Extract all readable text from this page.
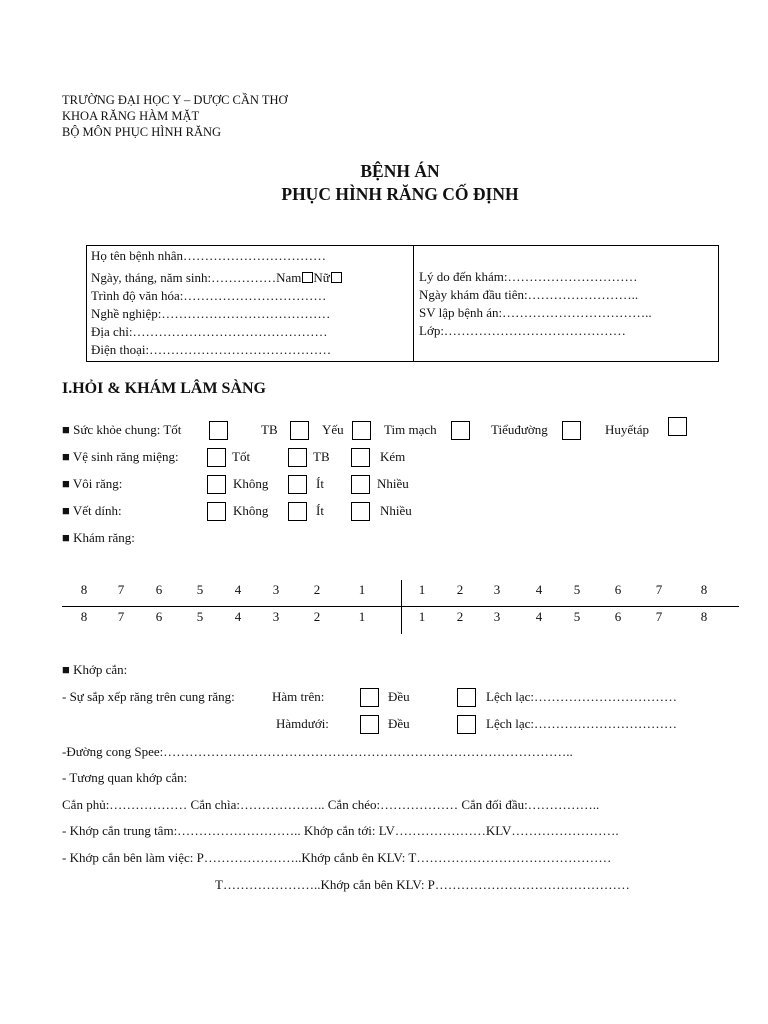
TRƯỜNG ĐẠI HỌC Y – DƯỢC CẦN THƠ
KHOA RĂNG HÀM MẶT
BỘ MÔN PHỤC HÌNH RĂNG
BỆNH ÁN
PHỤC HÌNH RĂNG CỐ ĐỊNH
Họ tên bệnh nhân……………………………
Ngày, tháng, năm sinh:……………Nam Nữ
Trình độ văn hóa:……………………………
Nghề nghiệp:…………………………………
Địa chỉ:………………………………………
Điện thoại:……………………………………
Lý do đến khám:…………………………
Ngày khám đầu tiên:……………………..
SV lập bệnh án:……………………………..
Lớp:……………………………………
I.HỎI & KHÁM LÂM SÀNG
■ Sức khỏe chung: Tốt	TB	Yếu	Tim mạch	Tiểuđường	Huyếtáp
■ Vệ sinh răng miệng:	Tốt	TB	Kém
■ Vôi răng:	Không	Ít	Nhiều
■ Vết dính:	Không	Ít	Nhiều
■ Khám răng:
8	7	6	5	4	3	2	1	1	2	3	4	5	6	7	8
8	7	6	5	4	3	2	1	1	2	3	4	5	6	7	8
■ Khớp cắn:
- Sự sắp xếp răng trên cung răng:	Hàm trên:	Đều	Lệch lạc:……………………………
Hàmdưới:	Đều	Lệch lạc:……………………………
-Đường cong Spee:…………………………………………………………………………………..
- Tương quan khớp cắn:
Cắn phủ:……………… Cắn chìa:……………….. Cắn chéo:……………… Cắn đối đầu:……………..
- Khớp cắn trung tâm:……………………….. Khớp cắn tới: LV…………………KLV…………………….
- Khớp cắn bên làm việc: P…………………..Khớp cắnb ên KLV: T………………………………………
T…………………..Khớp cắn bên KLV: P………………………………………
